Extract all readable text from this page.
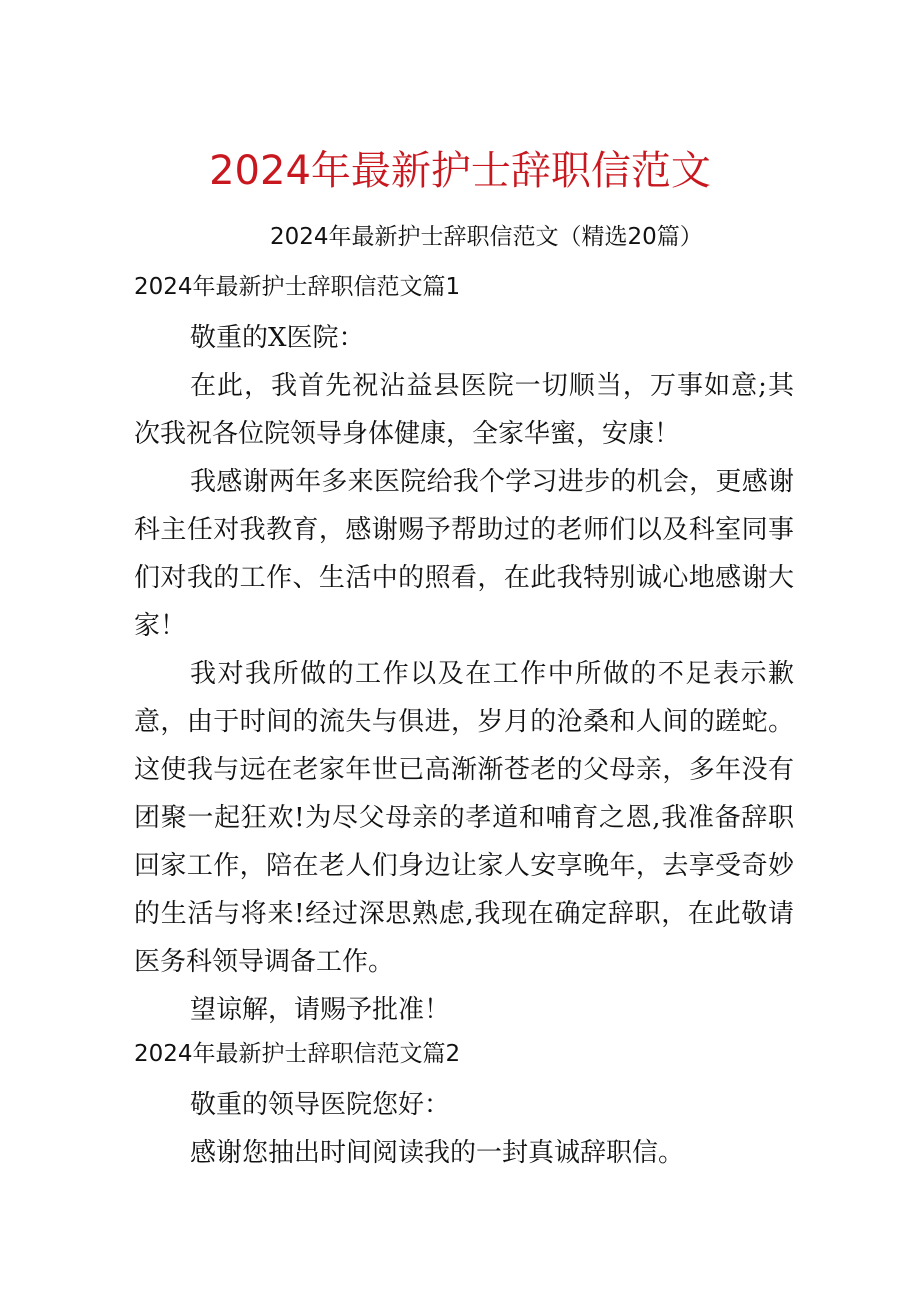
2024年最新护士辞职信范文
2024年最新护士辞职信范文（精选20篇）
2024年最新护士辞职信范文篇1

敬重的X医院：

在此，我首先祝沾益县医院一切顺当，万事如意;其次我祝各位院领导身体健康，全家华蜜，安康！

我感谢两年多来医院给我个学习进步的机会，更感谢科主任对我教育，感谢赐予帮助过的老师们以及科室同事们对我的工作、生活中的照看，在此我特别诚心地感谢大家！

我对我所做的工作以及在工作中所做的不足表示歉意，由于时间的流失与俱进，岁月的沧桑和人间的蹉蛇。这使我与远在老家年世已高渐渐苍老的父母亲，多年没有团聚一起狂欢!为尽父母亲的孝道和哺育之恩,我准备辞职回家工作，陪在老人们身边让家人安享晚年，去享受奇妙的生活与将来!经过深思熟虑,我现在确定辞职，在此敬请医务科领导调备工作。

望谅解，请赐予批准！

2024年最新护士辞职信范文篇2

敬重的领导医院您好：

感谢您抽出时间阅读我的一封真诚辞职信。
